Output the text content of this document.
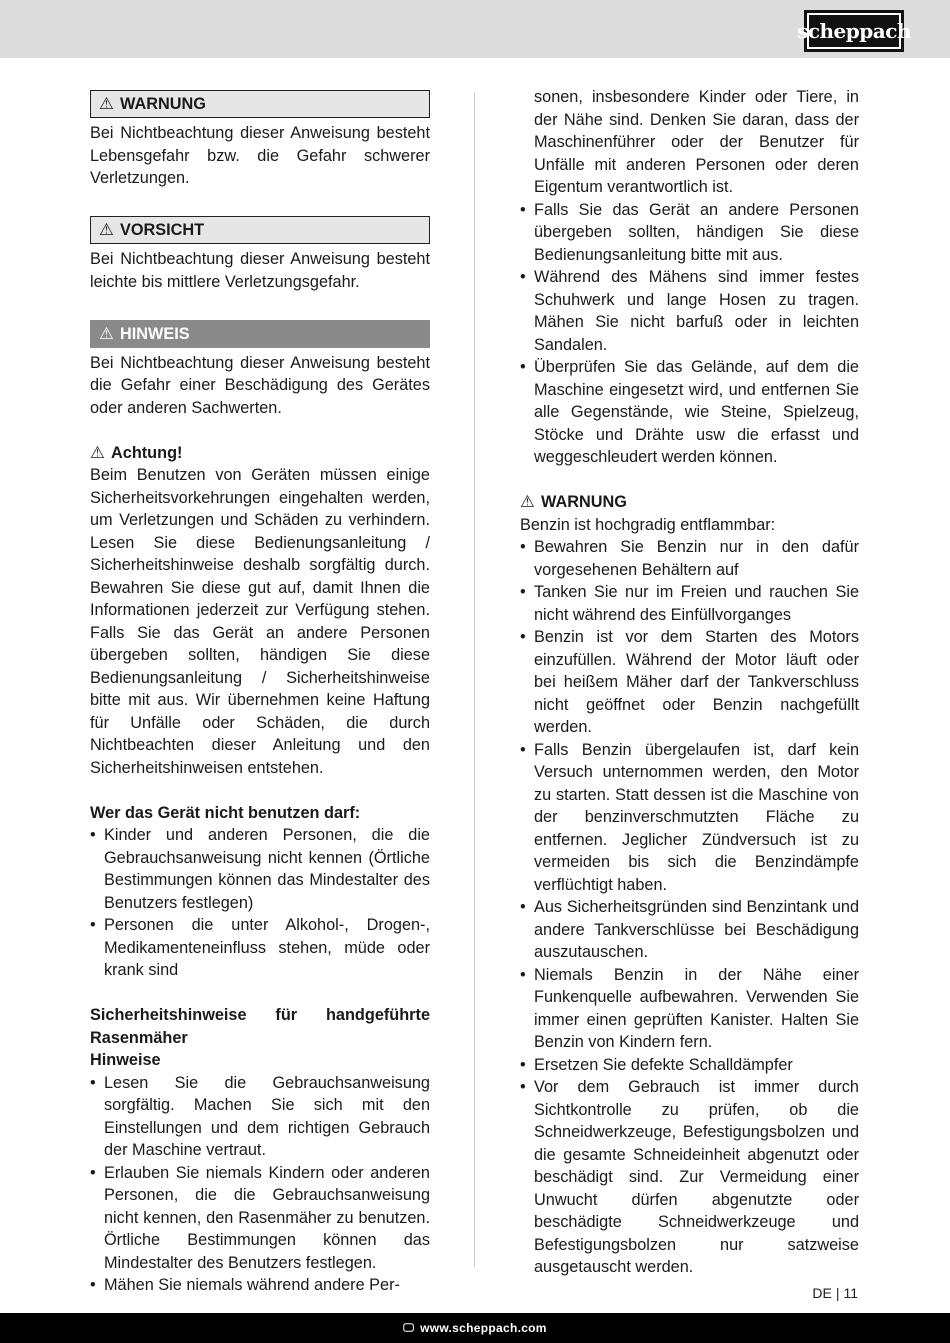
scheppach
⚠ WARNUNG

Bei Nichtbeachtung dieser Anweisung besteht Lebensgefahr bzw. die Gefahr schwerer Verletzungen.

⚠ VORSICHT

Bei Nichtbeachtung dieser Anweisung besteht leichte bis mittlere Verletzungsgefahr.

⚠ HINWEIS

Bei Nichtbeachtung dieser Anweisung besteht die Gefahr einer Beschädigung des Gerätes oder anderen Sachwerten.

⚠ Achtung!

Beim Benutzen von Geräten müssen einige Sicherheitsvorkehrungen eingehalten werden, um Verletzungen und Schäden zu verhindern. Lesen Sie diese Bedienungsanleitung / Sicherheitshinweise deshalb sorgfältig durch. Bewahren Sie diese gut auf, damit Ihnen die Informationen jederzeit zur Verfügung stehen. Falls Sie das Gerät an andere Personen übergeben sollten, händigen Sie diese Bedienungsanleitung / Sicherheitshinweise bitte mit aus. Wir übernehmen keine Haftung für Unfälle oder Schäden, die durch Nichtbeachten dieser Anleitung und den Sicherheitshinweisen entstehen.

Wer das Gerät nicht benutzen darf:

• Kinder und anderen Personen, die die Gebrauchsanweisung nicht kennen (Örtliche Bestimmungen können das Mindestalter des Benutzers festlegen)
• Personen die unter Alkohol-, Drogen-, Medikamenteneinfluss stehen, müde oder krank sind

Sicherheitshinweise für handgeführte Rasenmäher

Hinweise

• Lesen Sie die Gebrauchsanweisung sorgfältig. Machen Sie sich mit den Einstellungen und dem richtigen Gebrauch der Maschine vertraut.
• Erlauben Sie niemals Kindern oder anderen Personen, die die Gebrauchsanweisung nicht kennen, den Rasenmäher zu benutzen. Örtliche Bestimmungen können das Mindestalter des Benutzers festlegen.
• Mähen Sie niemals während andere Per-

sonen, insbesondere Kinder oder Tiere, in der Nähe sind. Denken Sie daran, dass der Maschinenführer oder der Benutzer für Unfälle mit anderen Personen oder deren Eigentum verantwortlich ist.

• Falls Sie das Gerät an andere Personen übergeben sollten, händigen Sie diese Bedienungsanleitung bitte mit aus.
• Während des Mähens sind immer festes Schuhwerk und lange Hosen zu tragen. Mähen Sie nicht barfuß oder in leichten Sandalen.
• Überprüfen Sie das Gelände, auf dem die Maschine eingesetzt wird, und entfernen Sie alle Gegenstände, wie Steine, Spielzeug, Stöcke und Drähte usw die erfasst und weggeschleudert werden können.
⚠ WARNUNG

Benzin ist hochgradig entflammbar:

• Bewahren Sie Benzin nur in den dafür vorgesehenen Behältern auf
• Tanken Sie nur im Freien und rauchen Sie nicht während des Einfüllvorganges
• Benzin ist vor dem Starten des Motors einzufüllen. Während der Motor läuft oder bei heißem Mäher darf der Tankverschluss nicht geöffnet oder Benzin nachgefüllt werden.
• Falls Benzin übergelaufen ist, darf kein Versuch unternommen werden, den Motor zu starten. Statt dessen ist die Maschine von der benzinverschmutzten Fläche zu entfernen. Jeglicher Zündversuch ist zu vermeiden bis sich die Benzindämpfe verflüchtigt haben.
• Aus Sicherheitsgründen sind Benzintank und andere Tankverschlüsse bei Beschädigung auszutauschen.
• Niemals Benzin in der Nähe einer Funkenquelle aufbewahren. Verwenden Sie immer einen geprüften Kanister. Halten Sie Benzin von Kindern fern.
• Ersetzen Sie defekte Schalldämpfer
• Vor dem Gebrauch ist immer durch Sichtkontrolle zu prüfen, ob die Schneidwerkzeuge, Befestigungsbolzen und die gesamte Schneideinheit abgenutzt oder beschädigt sind. Zur Vermeidung einer Unwucht dürfen abgenutzte oder beschädigte Schneidwerkzeuge und Befestigungsbolzen nur satzweise ausgetauscht werden.
DE | 11
🖵 www.scheppach.com
